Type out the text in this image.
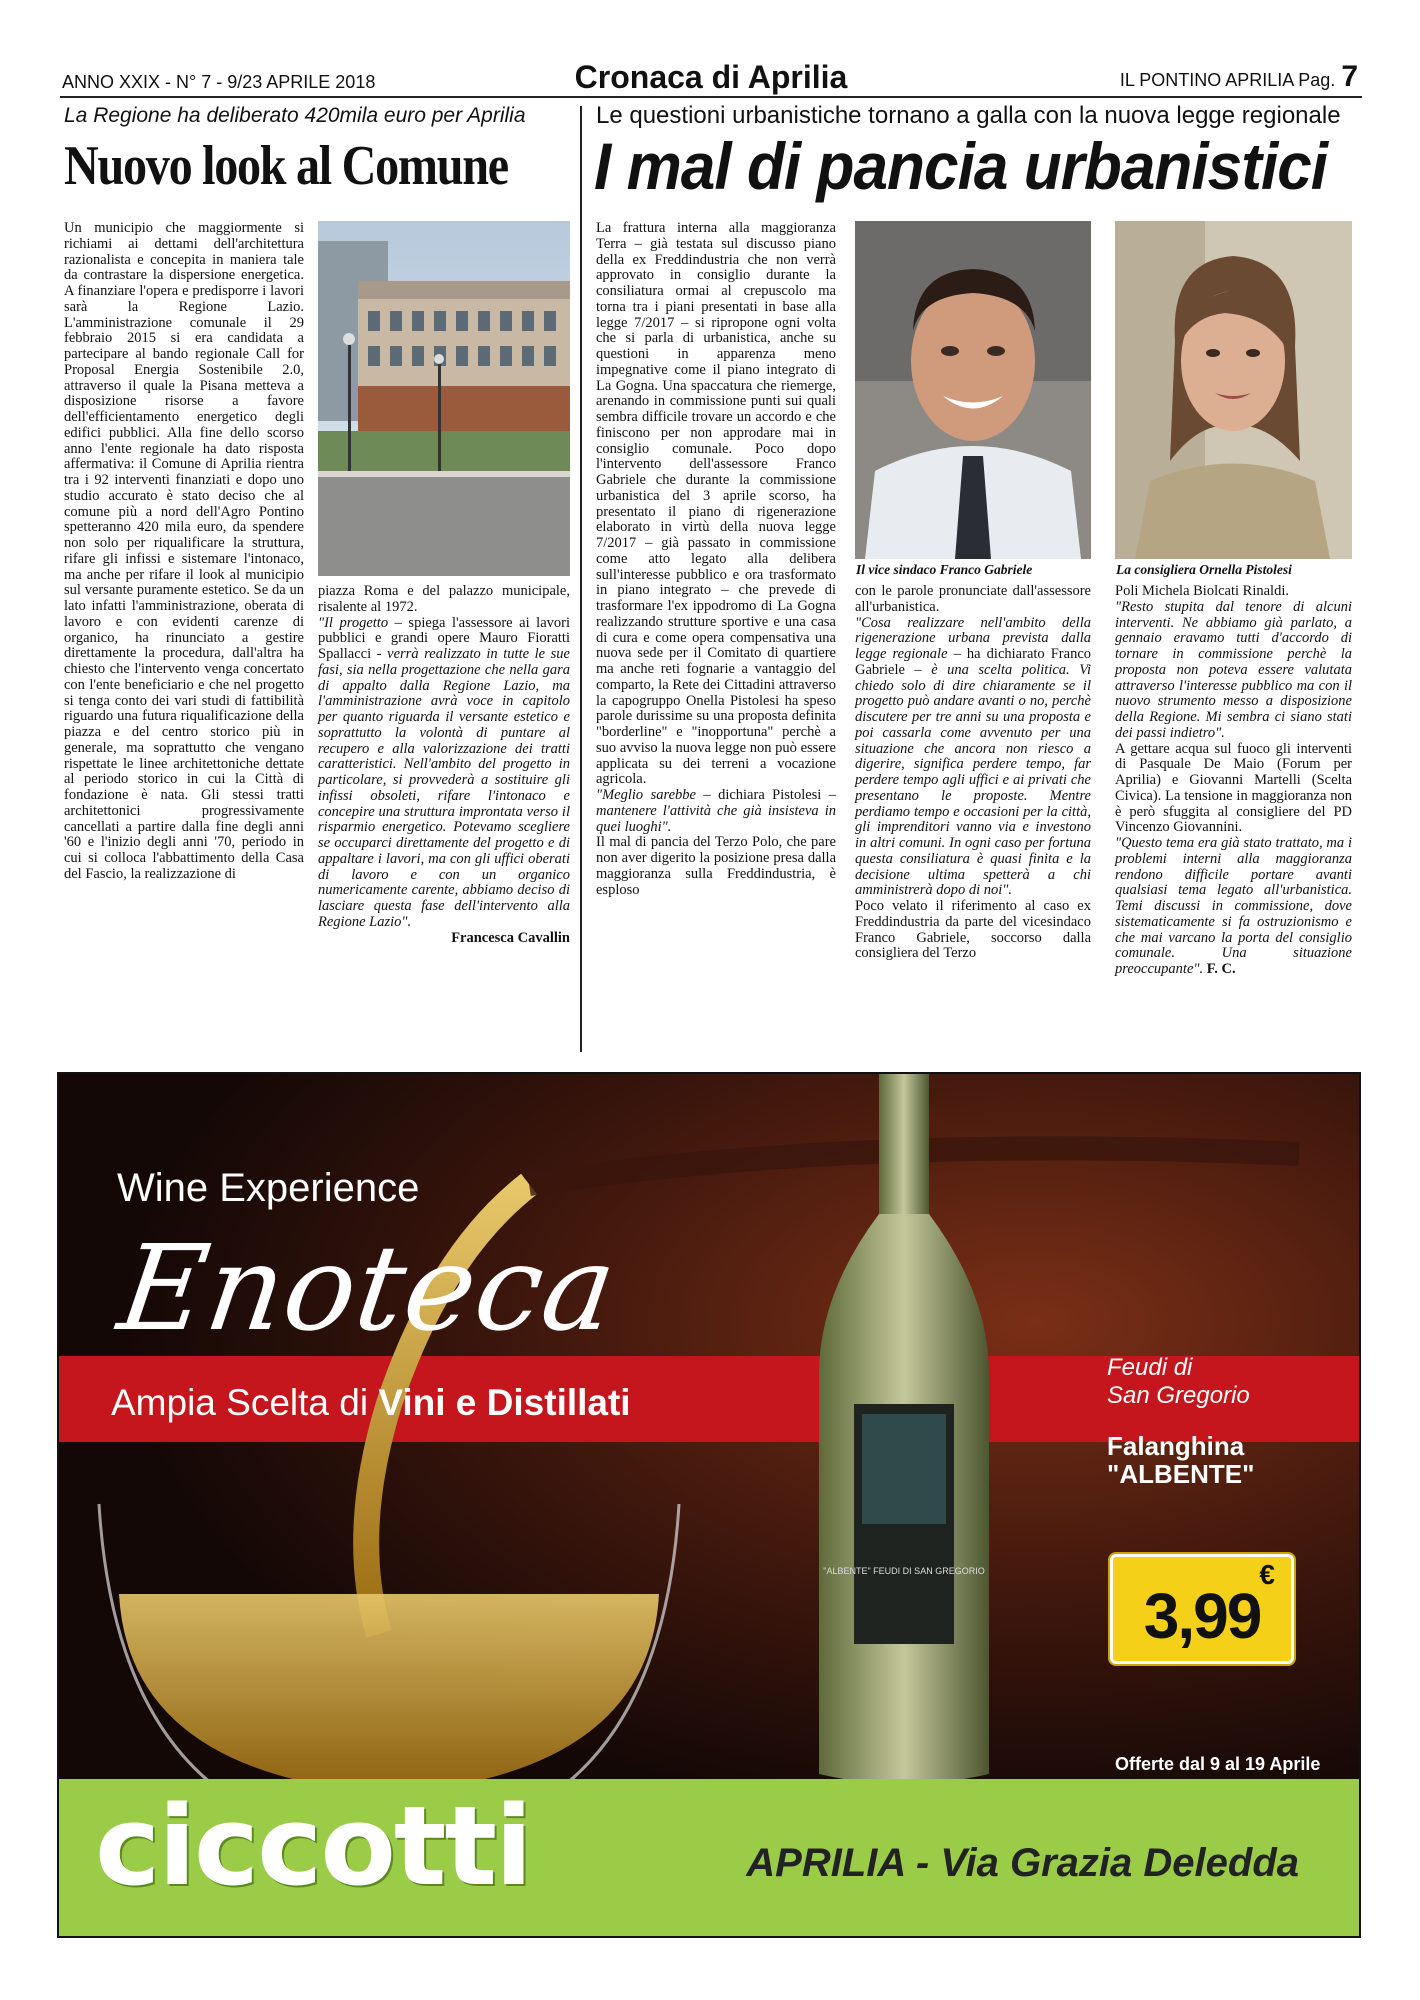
ANNO XXIX - N° 7 - 9/23 APRILE 2018	Cronaca di Aprilia	IL PONTINO APRILIA Pag. 7
La Regione ha deliberato 420mila euro per Aprilia
Nuovo look al Comune

Un municipio che maggiormente si richiami ai dettami dell'architettura razionalista e concepita in maniera tale da contrastare la dispersione energetica. A finanziare l'opera e predisporre i lavori sarà la Regione Lazio. L'amministrazione comunale il 29 febbraio 2015 si era candidata a partecipare al bando regionale Call for Proposal Energia Sostenibile 2.0, attraverso il quale la Pisana metteva a disposizione risorse a favore dell'efficientamento energetico degli edifici pubblici. Alla fine dello scorso anno l'ente regionale ha dato risposta affermativa: il Comune di Aprilia rientra tra i 92 interventi finanziati e dopo uno studio accurato è stato deciso che al comune più a nord dell'Agro Pontino spetteranno 420 mila euro, da spendere non solo per riqualificare la struttura, rifare gli infissi e sistemare l'intonaco, ma anche per rifare il look al municipio sul versante puramente estetico. Se da un lato infatti l'amministrazione, oberata di lavoro e con evidenti carenze di organico, ha rinunciato a gestire direttamente la procedura, dall'altra ha chiesto che l'intervento venga concertato con l'ente beneficiario e che nel progetto si tenga conto dei vari studi di fattibilità riguardo una futura riqualificazione della piazza e del centro storico più in generale, ma soprattutto che vengano rispettate le linee architettoniche dettate al periodo storico in cui la Città di fondazione è nata. Gli stessi tratti architettonici progressivamente cancellati a partire dalla fine degli anni '60 e l'inizio degli anni '70, periodo in cui si colloca l'abbattimento della Casa del Fascio, la realizzazione di

piazza Roma e del palazzo municipale, risalente al 1972.

"Il progetto – spiega l'assessore ai lavori pubblici e grandi opere Mauro Fioratti Spallacci - verrà realizzato in tutte le sue fasi, sia nella progettazione che nella gara di appalto dalla Regione Lazio, ma l'amministrazione avrà voce in capitolo per quanto riguarda il versante estetico e soprattutto la volontà di puntare al recupero e alla valorizzazione dei tratti caratteristici. Nell'ambito del progetto in particolare, si provvederà a sostituire gli infissi obsoleti, rifare l'intonaco e concepire una struttura improntata verso il risparmio energetico. Potevamo scegliere se occuparci direttamente del progetto e di appaltare i lavori, ma con gli uffici oberati di lavoro e con un organico numericamente carente, abbiamo deciso di lasciare questa fase dell'intervento alla Regione Lazio".

Francesca Cavallin

Le questioni urbanistiche tornano a galla con la nuova legge regionale
I mal di pancia urbanistici

La frattura interna alla maggioranza Terra – già testata sul discusso piano della ex Freddindustria che non verrà approvato in consiglio durante la consiliatura ormai al crepuscolo ma torna tra i piani presentati in base alla legge 7/2017 – si ripropone ogni volta che si parla di urbanistica, anche su questioni in apparenza meno impegnative come il piano integrato di La Gogna. Una spaccatura che riemerge, arenando in commissione punti sui quali sembra difficile trovare un accordo e che finiscono per non approdare mai in consiglio comunale. Poco dopo l'intervento dell'assessore Franco Gabriele che durante la commissione urbanistica del 3 aprile scorso, ha presentato il piano di rigenerazione elaborato in virtù della nuova legge 7/2017 – già passato in commissione come atto legato alla delibera sull'interesse pubblico e ora trasformato in piano integrato – che prevede di trasformare l'ex ippodromo di La Gogna realizzando strutture sportive e una casa di cura e come opera compensativa una nuova sede per il Comitato di quartiere ma anche reti fognarie a vantaggio del comparto, la Rete dei Cittadini attraverso la capogruppo Onella Pistolesi ha speso parole durissime su una proposta definita "borderline" e "inopportuna" perchè a suo avviso la nuova legge non può essere applicata su dei terreni a vocazione agricola.

"Meglio sarebbe – dichiara Pistolesi – mantenere l'attività che già insisteva in quei luoghi".

Il mal di pancia del Terzo Polo, che pare non aver digerito la posizione presa dalla maggioranza sulla Freddindustria, è esploso

Il vice sindaco Franco Gabriele	La consigliera Ornella Pistolesi

con le parole pronunciate dall'assessore all'urbanistica.

"Cosa realizzare nell'ambito della rigenerazione urbana prevista dalla legge regionale – ha dichiarato Franco Gabriele – è una scelta politica. Vi chiedo solo di dire chiaramente se il progetto può andare avanti o no, perchè discutere per tre anni su una proposta e poi cassarla come avvenuto per una situazione che ancora non riesco a digerire, significa perdere tempo, far perdere tempo agli uffici e ai privati che presentano le proposte. Mentre perdiamo tempo e occasioni per la città, gli imprenditori vanno via e investono in altri comuni. In ogni caso per fortuna questa consiliatura è quasi finita e la decisione ultima spetterà a chi amministrerà dopo di noi".

Poco velato il riferimento al caso ex Freddindustria da parte del vicesindaco Franco Gabriele, soccorso dalla consigliera del Terzo

Poli Michela Biolcati Rinaldi.

"Resto stupita dal tenore di alcuni interventi. Ne abbiamo già parlato, a gennaio eravamo tutti d'accordo di tornare in commissione perchè la proposta non poteva essere valutata attraverso l'interesse pubblico ma con il nuovo strumento messo a disposizione della Regione. Mi sembra ci siano stati dei passi indietro".

A gettare acqua sul fuoco gli interventi di Pasquale De Maio (Forum per Aprilia) e Giovanni Martelli (Scelta Civica). La tensione in maggioranza non è però sfuggita al consigliere del PD Vincenzo Giovannini.

"Questo tema era già stato trattato, ma i problemi interni alla maggioranza rendono difficile portare avanti qualsiasi tema legato all'urbanistica. Temi discussi in commissione, dove sistematicamente si fa ostruzionismo e che mai varcano la porta del consiglio comunale. Una situazione preoccupante". F. C.

"ALBENTE" FEUDI DI SAN GREGORIO
Wine Experience
Enoteca
Ampia Scelta di Vini e Distillati
Feudi di
San Gregorio
Falanghina
"ALBENTE"
€
3,99
Offerte dal 9 al 19 Aprile
ciccotti	APRILIA - Via Grazia Deledda
